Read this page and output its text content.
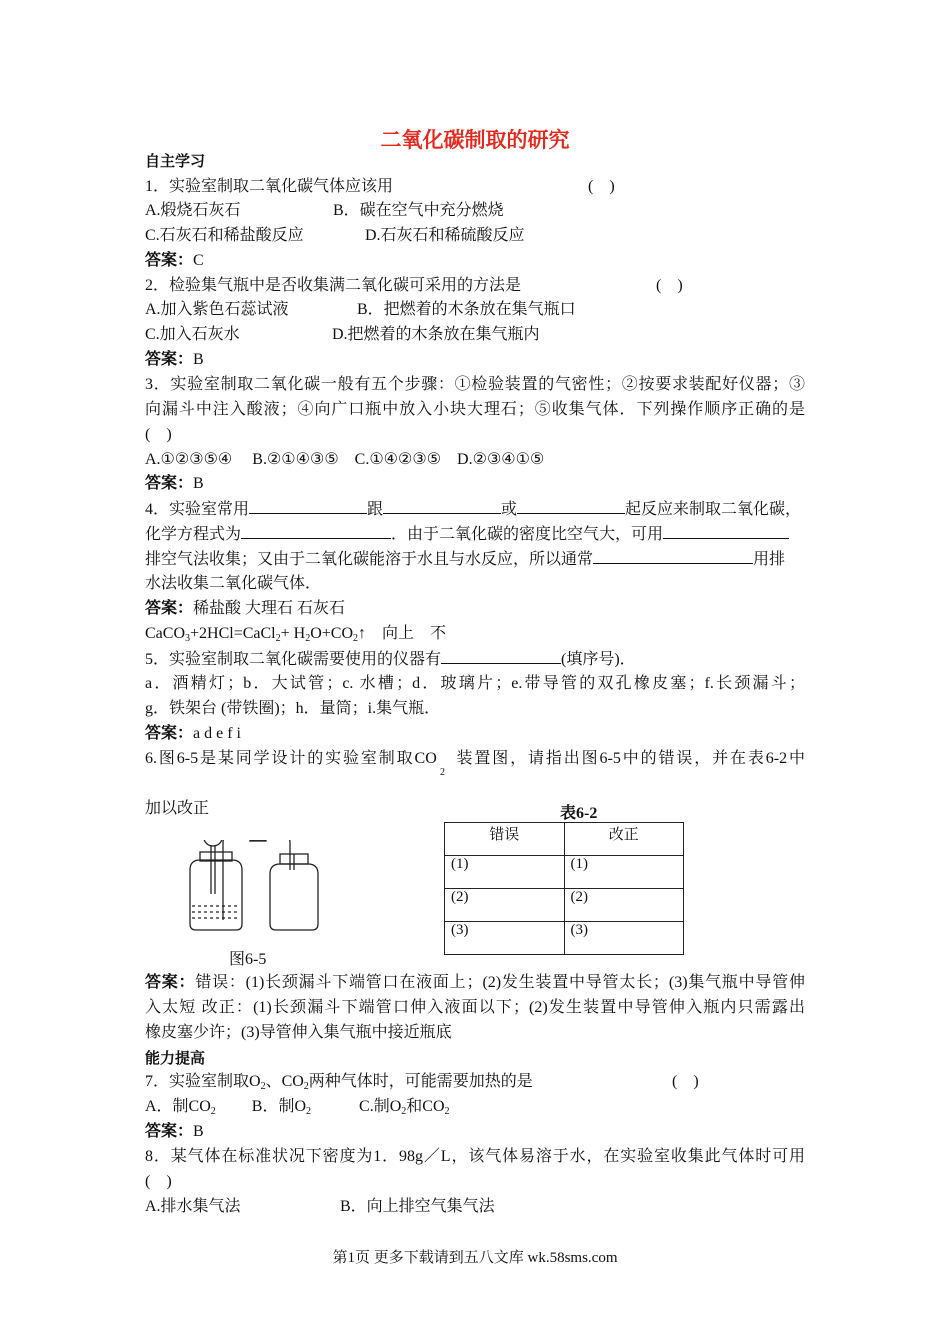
二氧化碳制取的研究
自主学习
1．实验室制取二氧化碳气体应该用	(　)
A.煅烧石灰石	B．碳在空气中充分燃烧
C.石灰石和稀盐酸反应	D.石灰石和稀硫酸反应
答案：C
2．检验集气瓶中是否收集满二氧化碳可采用的方法是	(　)
A.加入紫色石蕊试液	B．把燃着的木条放在集气瓶口
C.加入石灰水	D.把燃着的木条放在集气瓶内
答案：B
3．实验室制取二氧化碳一般有五个步骤：①检验装置的气密性；②按要求装配好仪器；③
向漏斗中注入酸液；④向广口瓶中放入小块大理石；⑤收集气体．下列操作顺序正确的是
(　)
A.①②③⑤④　 B.②①④③⑤　C.①④②③⑤　D.②③④①⑤
答案：B
4．实验室常用	跟	或	起反应来制取二氧化碳，
化学方程式为	．由于二氧化碳的密度比空气大，可用
排空气法收集；又由于二氧化碳能溶于水且与水反应，所以通常	用排
水法收集二氧化碳气体．
答案：稀盐酸 大理石 石灰石
CaCO$_3$+2HCl=CaCl$_2$+ $H_2O+CO_2↑$　向上　不
5．实验室制取二氧化碳需要使用的仪器有	(填序号)．
a．酒精灯；b．大试管；c. 水槽；d．玻璃片；e.带导管的双孔橡皮塞；f.长颈漏斗；
g．铁架台 (带铁圈)；h．量筒；i.集气瓶．
答案：a d e f i
6.图6-5是某同学设计的实验室制取CO　装置图，请指出图6-5中的错误，并在表6-2中
2
加以改正	表6-2
错误	改正
(1)	(1)
(2)	(2)
(3)	(3)
图6-5
答案：错误：(1)长颈漏斗下端管口在液面上；(2)发生装置中导管太长；(3)集气瓶中导管伸
入太短 改正：(1)长颈漏斗下端管口伸入液面以下；(2)发生装置中导管伸入瓶内只需露出
橡皮塞少许；(3)导管伸入集气瓶中接近瓶底
能力提高
7．实验室制取$O_2$、$CO_2$两种气体时，可能需要加热的是	(　)
A．制$CO_2$ B．制$O_2$	C.制$O_2$和$CO_2$
答案：B
8．某气体在标准状况下密度为1．98g／L，该气体易溶于水，在实验室收集此气体时可用
(　)
A.排水集气法	B．向上排空气集气法
第1页 更多下载请到五八文库 wk.58sms.com
